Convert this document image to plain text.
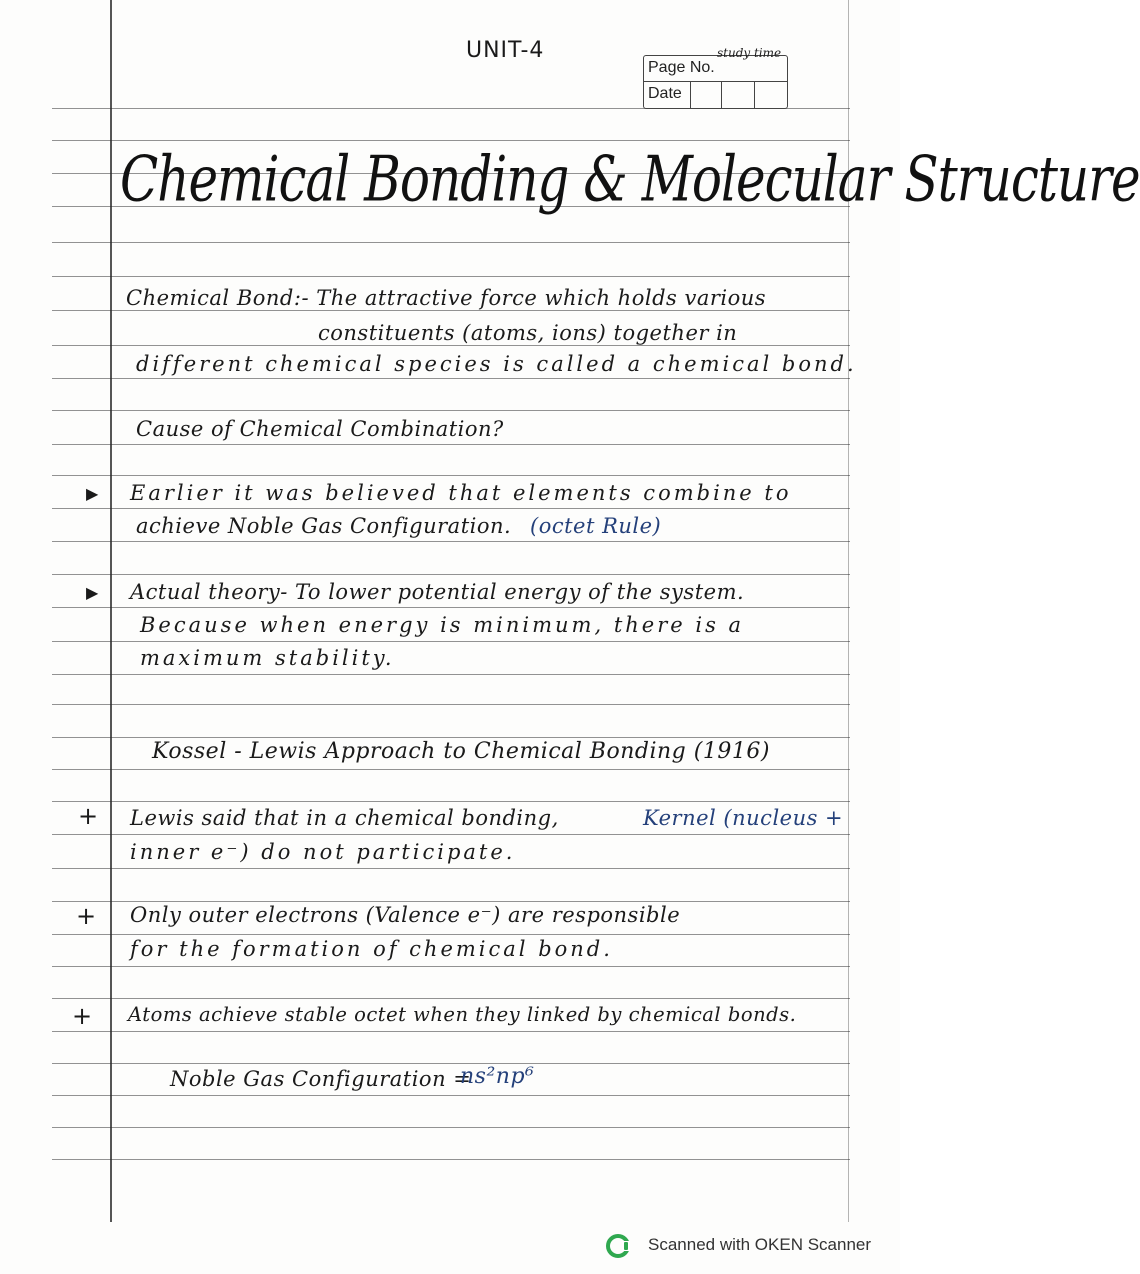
UNIT-4	study time
Page No.
Date
Chemical Bonding & Molecular Structure
Chemical Bond:- The attractive force which holds various
constituents (atoms, ions) together in
different chemical species is called a chemical bond.
Cause of Chemical Combination?
▶ Earlier it was believed that elements combine to
achieve Noble Gas Configuration. (octet Rule)
▶ Actual theory- To lower potential energy of the system.
Because when energy is minimum, there is a
maximum stability.
Kossel - Lewis Approach to Chemical Bonding (1916)
+ Lewis said that in a chemical bonding,	Kernel (nucleus +
inner e⁻) do not participate.
+ Only outer electrons (Valence e⁻) are responsible
for the formation of chemical bond.
+ Atoms achieve stable octet when they linked by chemical bonds.
Noble Gas Configuration =
ns²np⁶
Scanned with OKEN Scanner
